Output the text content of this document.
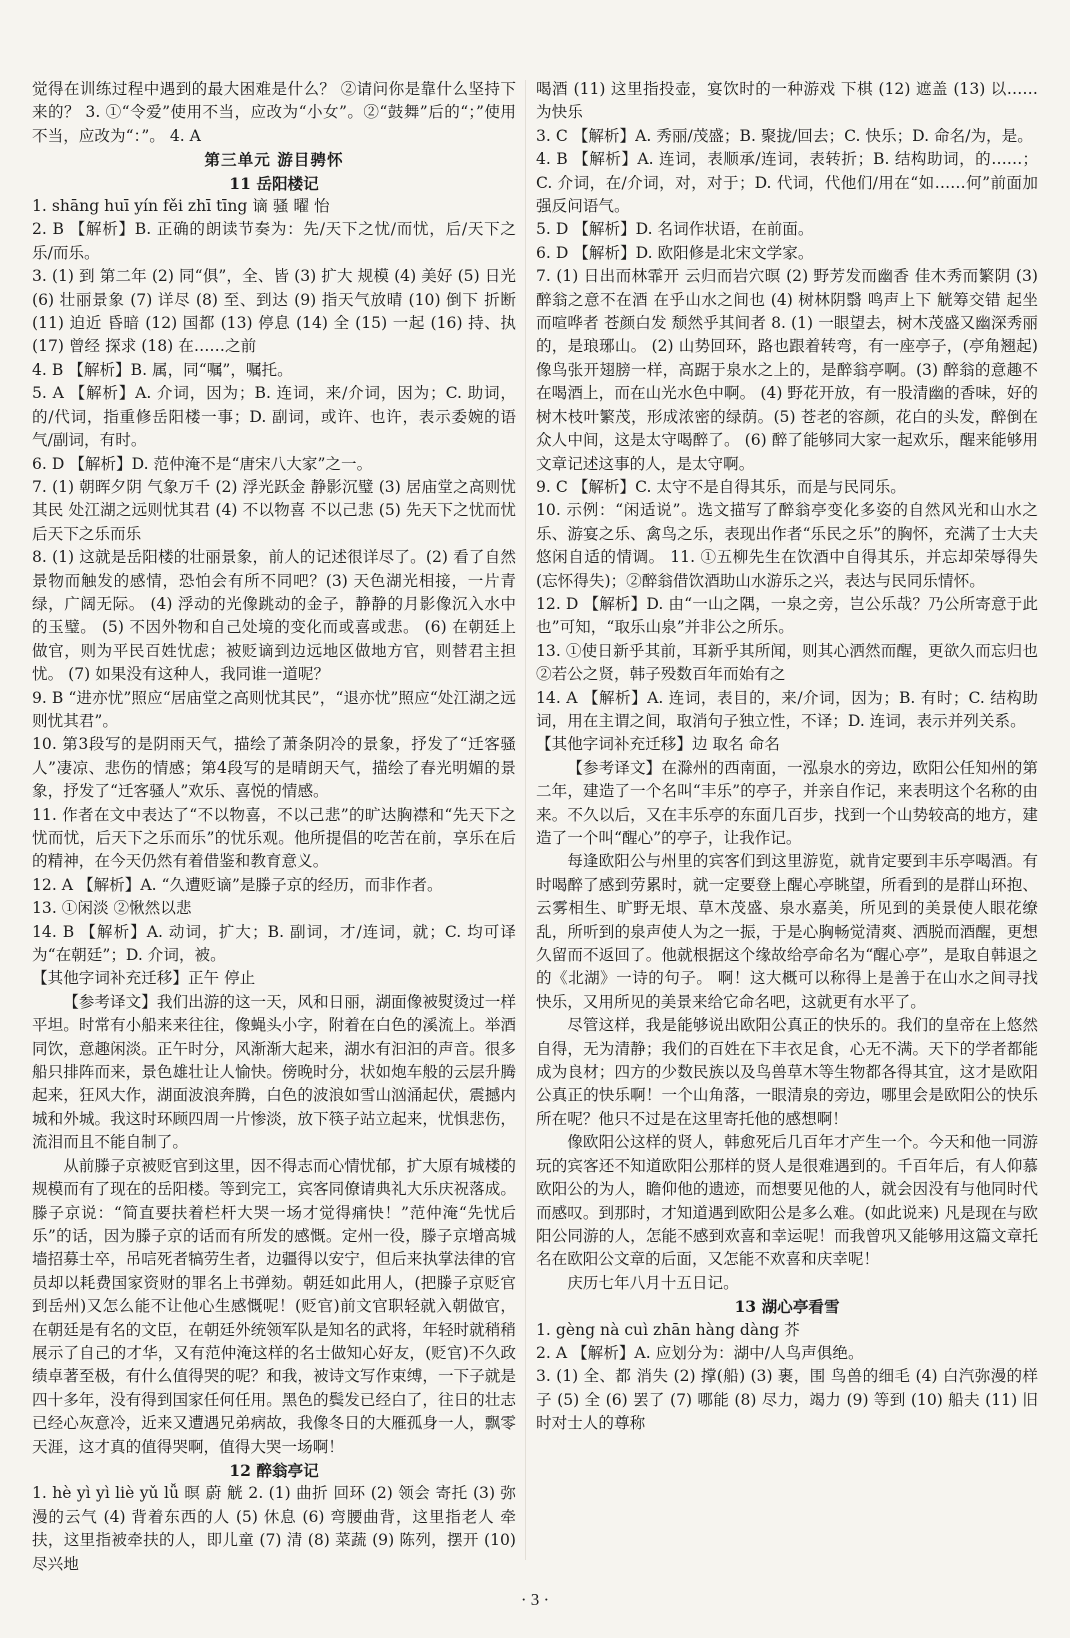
觉得在训练过程中遇到的最大困难是什么？ ②请问你是靠什么坚持下来的？ 3. ①“令爱”使用不当，应改为“小女”。②“鼓舞”后的“；”使用不当，应改为“：”。 4. A

第三单元 游目骋怀

11 岳阳楼记

1. shāng huī yín fěi zhī tīng 谪 骚 曜 怡

2. B 【解析】B. 正确的朗读节奏为：先/天下之忧/而忧，后/天下之乐/而乐。

3. (1) 到 第二年 (2) 同“俱”，全、皆 (3) 扩大 规模 (4) 美好 (5) 日光 (6) 壮丽景象 (7) 详尽 (8) 至、到达 (9) 指天气放晴 (10) 倒下 折断 (11) 迫近 昏暗 (12) 国都 (13) 停息 (14) 全 (15) 一起 (16) 持、执 (17) 曾经 探求 (18) 在……之前

4. B 【解析】B. 属，同“嘱”，嘱托。

5. A 【解析】A. 介词，因为；B. 连词，来/介词，因为；C. 助词，的/代词，指重修岳阳楼一事；D. 副词，或许、也许，表示委婉的语气/副词，有时。

6. D 【解析】D. 范仲淹不是“唐宋八大家”之一。

7. (1) 朝晖夕阴 气象万千 (2) 浮光跃金 静影沉璧 (3) 居庙堂之高则忧其民 处江湖之远则忧其君 (4) 不以物喜 不以己悲 (5) 先天下之忧而忧 后天下之乐而乐

8. (1) 这就是岳阳楼的壮丽景象，前人的记述很详尽了。(2) 看了自然景物而触发的感情，恐怕会有所不同吧？(3) 天色湖光相接，一片青绿，广阔无际。 (4) 浮动的光像跳动的金子，静静的月影像沉入水中的玉璧。 (5) 不因外物和自己处境的变化而或喜或悲。 (6) 在朝廷上做官，则为平民百姓忧虑；被贬谪到边远地区做地方官，则替君主担忧。 (7) 如果没有这种人，我同谁一道呢？

9. B “进亦忧”照应“居庙堂之高则忧其民”，“退亦忧”照应“处江湖之远则忧其君”。

10. 第3段写的是阴雨天气，描绘了萧条阴冷的景象，抒发了“迁客骚人”凄凉、悲伤的情感；第4段写的是晴朗天气，描绘了春光明媚的景象，抒发了“迁客骚人”欢乐、喜悦的情感。

11. 作者在文中表达了“不以物喜，不以己悲”的旷达胸襟和“先天下之忧而忧，后天下之乐而乐”的忧乐观。他所提倡的吃苦在前，享乐在后的精神，在今天仍然有着借鉴和教育意义。

12. A 【解析】A. “久遭贬谪”是滕子京的经历，而非作者。

13. ①闲淡 ②愀然以悲

14. B 【解析】A. 动词，扩大；B. 副词，才/连词，就；C. 均可译为“在朝廷”；D. 介词，被。

【其他字词补充迁移】正午 停止

【参考译文】我们出游的这一天，风和日丽，湖面像被熨烫过一样平坦。时常有小船来来往往，像蝇头小字，附着在白色的溪流上。举酒同饮，意趣闲淡。正午时分，风渐渐大起来，湖水有汩汩的声音。很多船只排阵而来，景色雄壮让人愉快。傍晚时分，状如炮车般的云层升腾起来，狂风大作，湖面波浪奔腾，白色的波浪如雪山汹涌起伏，震撼内城和外城。我这时环顾四周一片惨淡，放下筷子站立起来，忧惧悲伤，流泪而且不能自制了。

从前滕子京被贬官到这里，因不得志而心情忧郁，扩大原有城楼的规模而有了现在的岳阳楼。等到完工，宾客同僚请典礼大乐庆祝落成。滕子京说：“简直要扶着栏杆大哭一场才觉得痛快！”范仲淹“先忧后乐”的话，因为滕子京的话而有所发的感慨。定州一役，滕子京增高城墙招募士卒，吊唁死者犒劳生者，边疆得以安宁，但后来执掌法律的官员却以耗费国家资财的罪名上书弹劾。朝廷如此用人，(把滕子京贬官到岳州)又怎么能不让他心生感慨呢！(贬官)前文官职轻就入朝做官，在朝廷是有名的文臣，在朝廷外统领军队是知名的武将，年轻时就稍稍展示了自己的才华，又有范仲淹这样的名士做知心好友，(贬官)不久政绩卓著至极，有什么值得哭的呢？和我，被诗文写作束缚，一下子就是四十多年，没有得到国家任何任用。黑色的鬓发已经白了，往日的壮志已经心灰意冷，近来又遭遇兄弟病故，我像冬日的大雁孤身一人，飘零天涯，这才真的值得哭啊，值得大哭一场啊！

12 醉翁亭记

1. hè yì yì liè yǔ lǚ 暝 蔚 觥 2. (1) 曲折 回环 (2) 领会 寄托 (3) 弥漫的云气 (4) 背着东西的人 (5) 休息 (6) 弯腰曲背，这里指老人 牵扶，这里指被牵扶的人，即儿童 (7) 清 (8) 菜蔬 (9) 陈列，摆开 (10) 尽兴地

喝酒 (11) 这里指投壶，宴饮时的一种游戏 下棋 (12) 遮盖 (13) 以……为快乐

3. C 【解析】A. 秀丽/茂盛；B. 聚拢/回去；C. 快乐；D. 命名/为，是。

4. B 【解析】A. 连词，表顺承/连词，表转折；B. 结构助词，的……；C. 介词，在/介词，对，对于；D. 代词，代他们/用在“如……何”前面加强反问语气。

5. D 【解析】D. 名词作状语，在前面。

6. D 【解析】D. 欧阳修是北宋文学家。

7. (1) 日出而林霏开 云归而岩穴暝 (2) 野芳发而幽香 佳木秀而繁阴 (3) 醉翁之意不在酒 在乎山水之间也 (4) 树林阴翳 鸣声上下 觥筹交错 起坐而喧哗者 苍颜白发 颓然乎其间者 8. (1) 一眼望去，树木茂盛又幽深秀丽的，是琅琊山。 (2) 山势回环，路也跟着转弯，有一座亭子，(亭角翘起) 像鸟张开翅膀一样，高踞于泉水之上的，是醉翁亭啊。(3) 醉翁的意趣不在喝酒上，而在山光水色中啊。 (4) 野花开放，有一股清幽的香味，好的树木枝叶繁茂，形成浓密的绿荫。(5) 苍老的容颜，花白的头发，醉倒在众人中间，这是太守喝醉了。 (6) 醉了能够同大家一起欢乐，醒来能够用文章记述这事的人，是太守啊。

9. C 【解析】C. 太守不是自得其乐，而是与民同乐。

10. 示例：“闲适说”。选文描写了醉翁亭变化多姿的自然风光和山水之乐、游宴之乐、禽鸟之乐，表现出作者“乐民之乐”的胸怀，充满了士大夫悠闲自适的情调。 11. ①五柳先生在饮酒中自得其乐，并忘却荣辱得失 (忘怀得失)；②醉翁借饮酒助山水游乐之兴，表达与民同乐情怀。

12. D 【解析】D. 由“一山之隅，一泉之旁，岂公乐哉？乃公所寄意于此也”可知，“取乐山泉”并非公之所乐。

13. ①使日新乎其前，耳新乎其所闻，则其心洒然而醒，更欲久而忘归也 ②若公之贤，韩子殁数百年而始有之

14. A 【解析】A. 连词，表目的，来/介词，因为；B. 有时；C. 结构助词，用在主谓之间，取消句子独立性，不译；D. 连词，表示并列关系。

【其他字词补充迁移】边 取名 命名

【参考译文】在滁州的西南面，一泓泉水的旁边，欧阳公任知州的第二年，建造了一个名叫“丰乐”的亭子，并亲自作记，来表明这个名称的由来。不久以后，又在丰乐亭的东面几百步，找到一个山势较高的地方，建造了一个叫“醒心”的亭子，让我作记。

每逢欧阳公与州里的宾客们到这里游览，就肯定要到丰乐亭喝酒。有时喝醉了感到劳累时，就一定要登上醒心亭眺望，所看到的是群山环抱、云雾相生、旷野无垠、草木茂盛、泉水嘉美，所见到的美景使人眼花缭乱，所听到的泉声使人为之一振，于是心胸畅觉清爽、洒脱而酒醒，更想久留而不返回了。他就根据这个缘故给亭命名为“醒心亭”，是取自韩退之的《北湖》一诗的句子。 啊！这大概可以称得上是善于在山水之间寻找快乐，又用所见的美景来给它命名吧，这就更有水平了。

尽管这样，我是能够说出欧阳公真正的快乐的。我们的皇帝在上悠然自得，无为清静；我们的百姓在下丰衣足食，心无不满。天下的学者都能成为良材；四方的少数民族以及鸟兽草木等生物都各得其宜，这才是欧阳公真正的快乐啊！一个山角落，一眼清泉的旁边，哪里会是欧阳公的快乐所在呢？他只不过是在这里寄托他的感想啊！

像欧阳公这样的贤人，韩愈死后几百年才产生一个。今天和他一同游玩的宾客还不知道欧阳公那样的贤人是很难遇到的。千百年后，有人仰慕欧阳公的为人，瞻仰他的遗迹，而想要见他的人，就会因没有与他同时代而感叹。到那时，才知道遇到欧阳公是多么难。(如此说来) 凡是现在与欧阳公同游的人，怎能不感到欢喜和幸运呢！而我曾巩又能够用这篇文章托名在欧阳公文章的后面，又怎能不欢喜和庆幸呢！

庆历七年八月十五日记。

13 湖心亭看雪

1. gèng nà cuì zhān hàng dàng 芥

2. A 【解析】A. 应划分为：湖中/人鸟声俱绝。

3. (1) 全、都 消失 (2) 撑(船) (3) 裹，围 鸟兽的细毛 (4) 白汽弥漫的样子 (5) 全 (6) 罢了 (7) 哪能 (8) 尽力，竭力 (9) 等到 (10) 船夫 (11) 旧时对士人的尊称

· 3 ·
